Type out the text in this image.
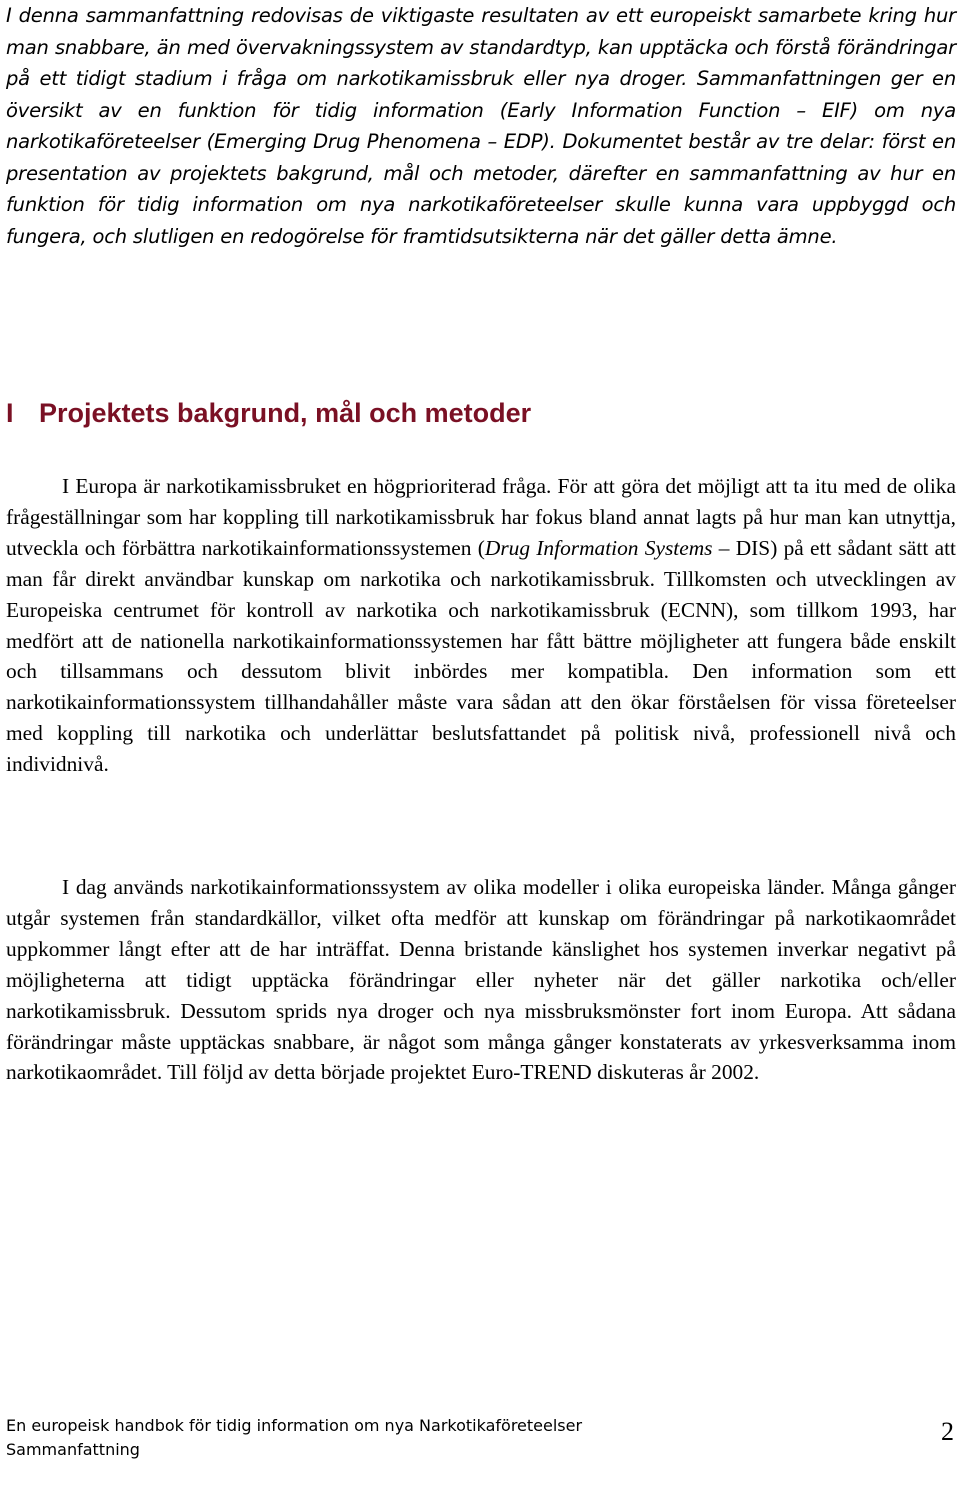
I denna sammanfattning redovisas de viktigaste resultaten av ett europeiskt samarbete kring hur man snabbare, än med övervakningssystem av standardtyp, kan upptäcka och förstå förändringar på ett tidigt stadium i fråga om narkotikamissbruk eller nya droger. Sammanfattningen ger en översikt av en funktion för tidig information (Early Information Function – EIF) om nya narkotikaföreteelser (Emerging Drug Phenomena – EDP). Dokumentet består av tre delar: först en presentation av projektets bakgrund, mål och metoder, därefter en sammanfattning av hur en funktion för tidig information om nya narkotikaföreteelser skulle kunna vara uppbyggd och fungera, och slutligen en redogörelse för framtidsutsikterna när det gäller detta ämne.

I Projektets bakgrund, mål och metoder

I Europa är narkotikamissbruket en högprioriterad fråga. För att göra det möjligt att ta itu med de olika frågeställningar som har koppling till narkotikamissbruk har fokus bland annat lagts på hur man kan utnyttja, utveckla och förbättra narkotikainformationssystemen (Drug Information Systems – DIS) på ett sådant sätt att man får direkt användbar kunskap om narkotika och narkotikamissbruk. Tillkomsten och utvecklingen av Europeiska centrumet för kontroll av narkotika och narkotikamissbruk (ECNN), som tillkom 1993, har medfört att de nationella narkotikainformationssystemen har fått bättre möjligheter att fungera både enskilt och tillsammans och dessutom blivit inbördes mer kompatibla. Den information som ett narkotikainformationssystem tillhandahåller måste vara sådan att den ökar förståelsen för vissa företeelser med koppling till narkotika och underlättar beslutsfattandet på politisk nivå, professionell nivå och individnivå.

I dag används narkotikainformationssystem av olika modeller i olika europeiska länder. Många gånger utgår systemen från standardkällor, vilket ofta medför att kunskap om förändringar på narkotikaområdet uppkommer långt efter att de har inträffat. Denna bristande känslighet hos systemen inverkar negativt på möjligheterna att tidigt upptäcka förändringar eller nyheter när det gäller narkotika och/eller narkotikamissbruk. Dessutom sprids nya droger och nya missbruksmönster fort inom Europa. Att sådana förändringar måste upptäckas snabbare, är något som många gånger konstaterats av yrkesverksamma inom narkotikaområdet. Till följd av detta började projektet Euro-TREND diskuteras år 2002.

En europeisk handbok för tidig information om nya Narkotikaföreteelser
Sammanfattning
2
